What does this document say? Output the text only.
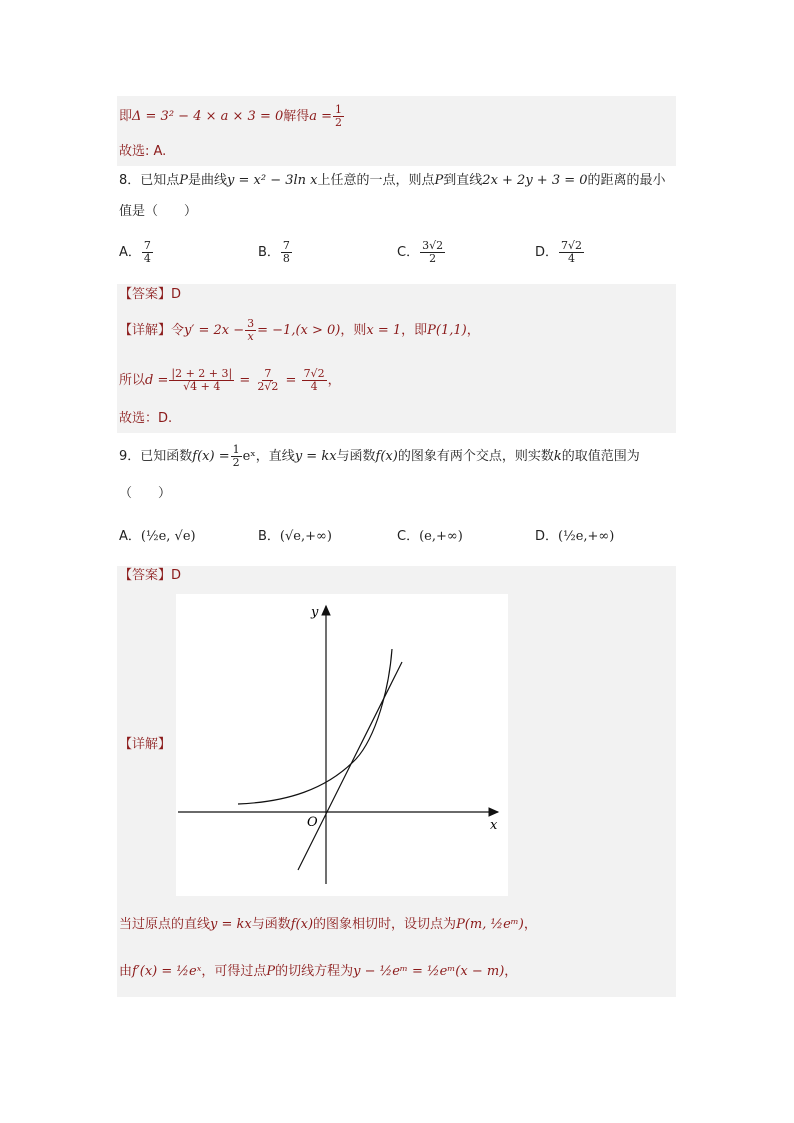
即Δ = 3² − 4 × a × 3 = 0解得$a = \frac{1}{2}$
故选: A.
8．已知点P是曲线y = x² − 3ln x上任意的一点，则点P到直线2x + 2y + 3 = 0的距离的最小
值是（　　）
A． $\frac{7}{4}$	B． $\frac{7}{8}$	C． $\frac{3√2}{2}$	D． $\frac{7√2}{4}$
【答案】D
【详解】令$y' = 2x - \frac{3}{x} = -1,(x > 0)$，则x = 1，即P(1,1)，
所以$d = \frac{|2 + 2 + 3|}{√4 + 4} = \frac{7}{2√2} = \frac{7√2}{4}$ ，
故选：D.
9．已知函数$f(x) = \frac{1}{2}$ eˣ，直线y = kx与函数f(x)的图象有两个交点，则实数k的取值范围为
（　　）
A．(½e, √e)	B．(√e,+∞)	C．(e,+∞)	D．(½e,+∞)
【答案】D
【详解】
y
x
O
当过原点的直线y = kx与函数f(x)的图象相切时，设切点为P(m, ½eᵐ)，
由f′(x) = ½eˣ，可得过点P的切线方程为y − ½eᵐ = ½eᵐ(x − m)，
